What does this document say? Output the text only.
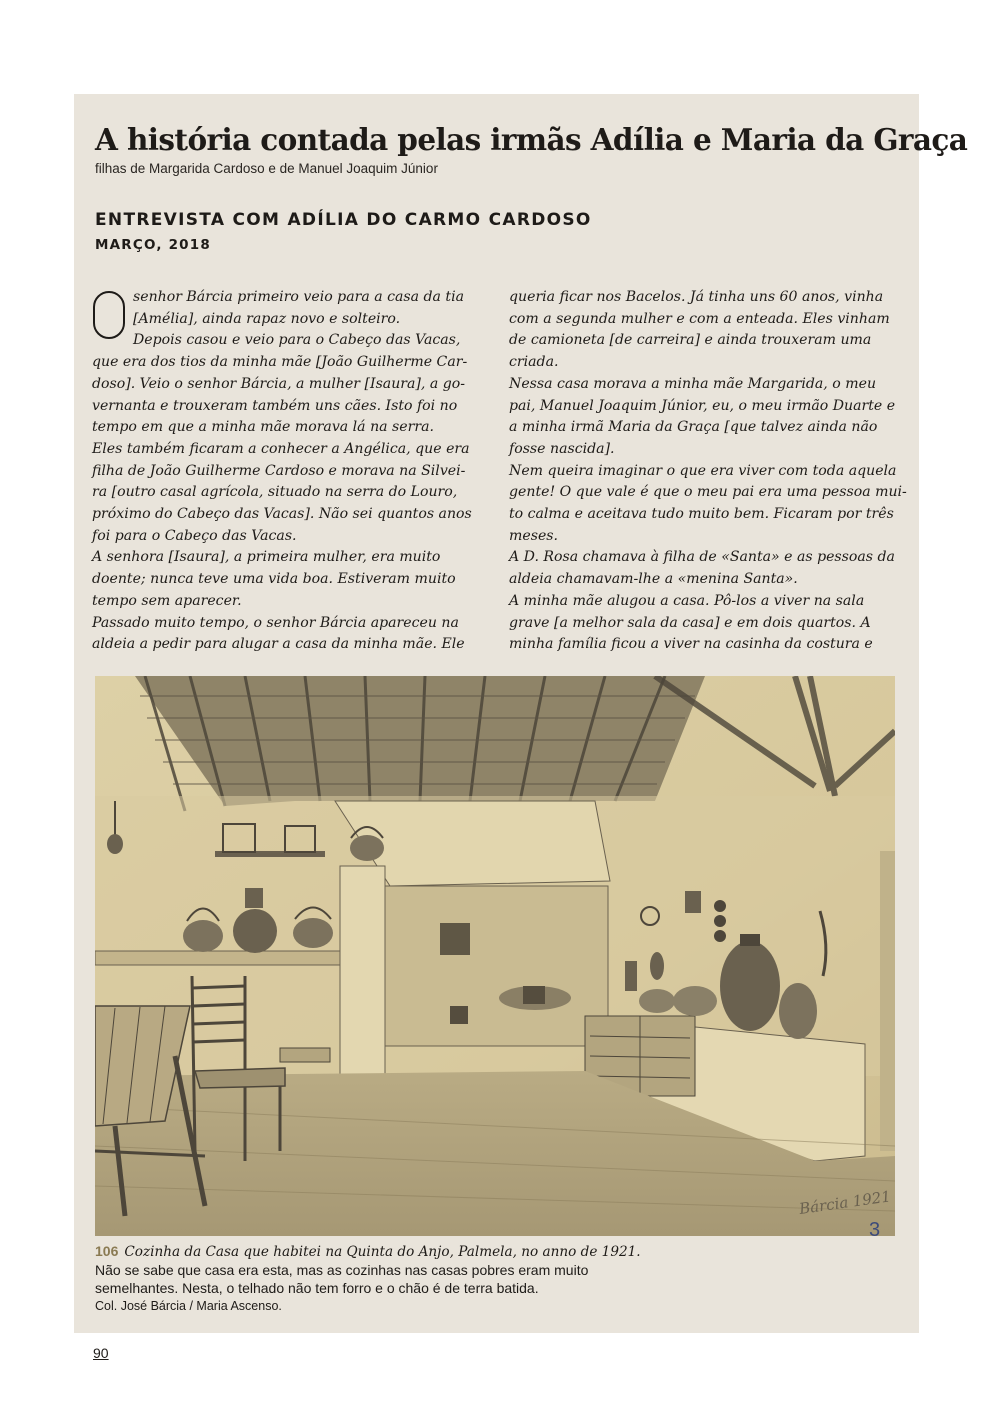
A história contada pelas irmãs Adília e Maria da Graça

filhas de Margarida Cardoso e de Manuel Joaquim Júnior

ENTREVISTA COM ADÍLIA DO CARMO CARDOSO

MARÇO, 2018

senhor Bárcia primeiro veio para a casa da tia
[Amélia], ainda rapaz novo e solteiro.
Depois casou e veio para o Cabeço das Vacas,
que era dos tios da minha mãe [João Guilherme Car-
doso]. Veio o senhor Bárcia, a mulher [Isaura], a go-
vernanta e trouxeram também uns cães. Isto foi no
tempo em que a minha mãe morava lá na serra.
Eles também ficaram a conhecer a Angélica, que era
filha de João Guilherme Cardoso e morava na Silvei-
ra [outro casal agrícola, situado na serra do Louro,
próximo do Cabeço das Vacas]. Não sei quantos anos
foi para o Cabeço das Vacas.
A senhora [Isaura], a primeira mulher, era muito
doente; nunca teve uma vida boa. Estiveram muito
tempo sem aparecer.
Passado muito tempo, o senhor Bárcia apareceu na
aldeia a pedir para alugar a casa da minha mãe. Ele
queria ficar nos Bacelos. Já tinha uns 60 anos, vinha
com a segunda mulher e com a enteada. Eles vinham
de camioneta [de carreira] e ainda trouxeram uma
criada.
Nessa casa morava a minha mãe Margarida, o meu
pai, Manuel Joaquim Júnior, eu, o meu irmão Duarte e
a minha irmã Maria da Graça [que talvez ainda não
fosse nascida].
Nem queira imaginar o que era viver com toda aquela
gente! O que vale é que o meu pai era uma pessoa mui-
to calma e aceitava tudo muito bem. Ficaram por três
meses.
A D. Rosa chamava à filha de «Santa» e as pessoas da
aldeia chamavam-lhe a «menina Santa».
A minha mãe alugou a casa. Pô-los a viver na sala
grave [a melhor sala da casa] e em dois quartos. A
minha família ficou a viver na casinha da costura e
Bárcia 1921
3
106 Cozinha da Casa que habitei na Quinta do Anjo, Palmela, no anno de 1921.
Não se sabe que casa era esta, mas as cozinhas nas casas pobres eram muito
semelhantes. Nesta, o telhado não tem forro e o chão é de terra batida.
Col. José Bárcia / Maria Ascenso.
90
